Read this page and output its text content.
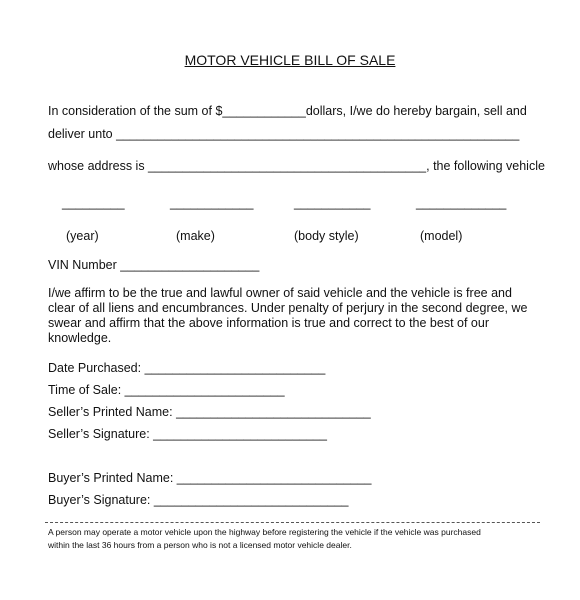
MOTOR VEHICLE BILL OF SALE
In consideration of the sum of $____________dollars, I/we do hereby bargain, sell and
deliver unto __________________________________________________________
whose address is ________________________________________, the following vehicle
_________	____________	___________	_____________
(year)	(make)	(body style)	(model)
VIN Number ____________________
I/we affirm to be the true and lawful owner of said vehicle and the vehicle is free and
clear of all liens and encumbrances. Under penalty of perjury in the second degree, we
swear and affirm that the above information is true and correct to the best of our
knowledge.
Date Purchased: __________________________
Time of Sale: _______________________
Seller’s Printed Name: ____________________________
Seller’s Signature: _________________________
Buyer’s Printed Name: ____________________________
Buyer’s Signature: ____________________________
A person may operate a motor vehicle upon the highway before registering the vehicle if the vehicle was purchased
within the last 36 hours from a person who is not a licensed motor vehicle dealer.
